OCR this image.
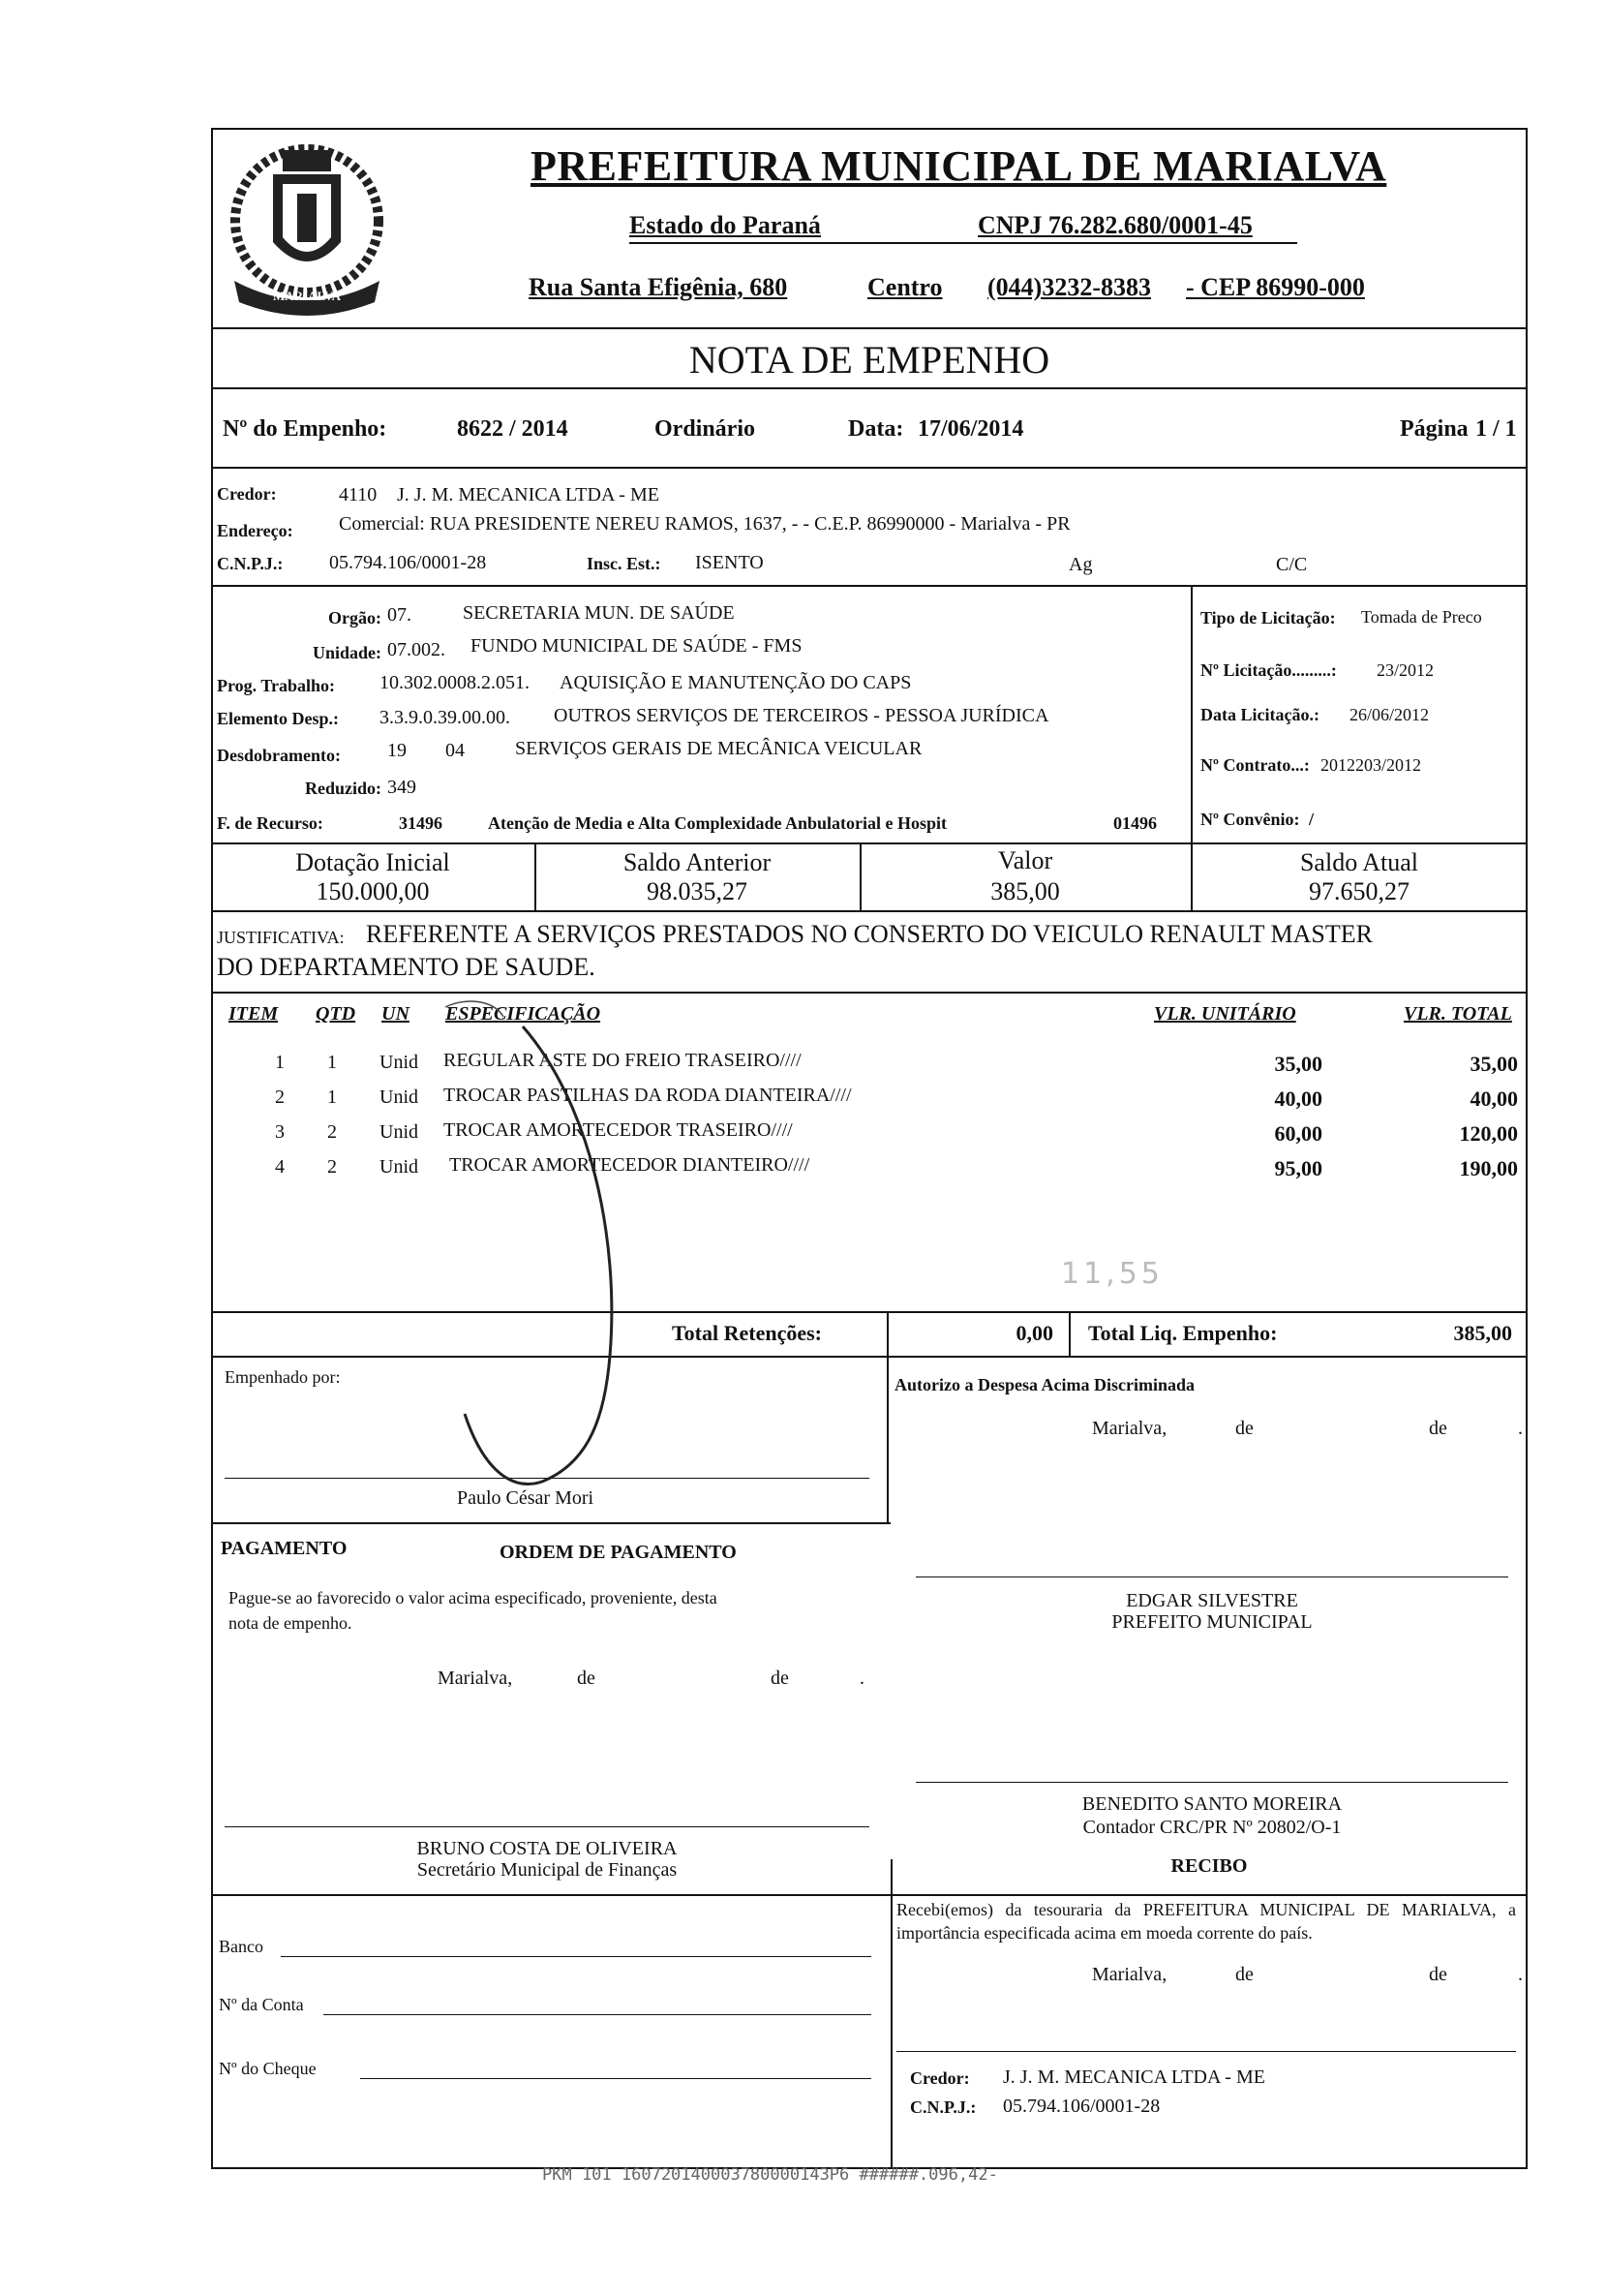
MARIALVA
PREFEITURA MUNICIPAL DE MARIALVA
Estado do Paraná	CNPJ 76.282.680/0001-45
Rua Santa Efigênia, 680	Centro (044)3232-8383 - CEP 86990-000
NOTA DE EMPENHO
Nº do Empenho:	8622 / 2014	Ordinário	Data: 17/06/2014	Página 1 / 1
Credor:	4110 J. J. M. MECANICA LTDA - ME
Endereço: Comercial: RUA PRESIDENTE NEREU RAMOS, 1637, - - C.E.P. 86990000 - Marialva - PR
C.N.P.J.: 05.794.106/0001-28	Insc. Est.: ISENTO	Ag	C/C
Orgão: 07.	SECRETARIA MUN. DE SAÚDE
Unidade: 07.002. FUNDO MUNICIPAL DE SAÚDE - FMS
Prog. Trabalho: 10.302.0008.2.051. AQUISIÇÃO E MANUTENÇÃO DO CAPS
Elemento Desp.: 3.3.9.0.39.00.00. OUTROS SERVIÇOS DE TERCEIROS - PESSOA JURÍDICA
Desdobramento: 19 04	SERVIÇOS GERAIS DE MECÂNICA VEICULAR
Reduzido: 349
F. de Recurso:	31496	Atenção de Media e Alta Complexidade Anbulatorial e Hospit	01496
Tipo de Licitação: Tomada de Preco
Nº Licitação.........: 23/2012
Data Licitação.: 26/06/2012
Nº Contrato...: 2012203/2012
Nº Convênio: /
Dotação Inicial
150.000,00
Saldo Anterior
98.035,27
Valor
385,00
Saldo Atual
97.650,27
JUSTIFICATIVA: REFERENTE A SERVIÇOS PRESTADOS NO CONSERTO DO VEICULO RENAULT MASTER
DO DEPARTAMENTO DE SAUDE.
ITEM QTD UN ESPECIFICAÇÃO	VLR. UNITÁRIO	VLR. TOTAL
1 1 Unid REGULAR ASTE DO FREIO TRASEIRO////	35,00	35,00
2 1 Unid TROCAR PASTILHAS DA RODA DIANTEIRA////	40,00	40,00
3 2 Unid TROCAR AMORTECEDOR TRASEIRO////	60,00	120,00
4 2 Unid TROCAR AMORTECEDOR DIANTEIRO////	95,00	190,00
11,55
Total Retenções:	0,00 Total Liq. Empenho:	385,00
Empenhado por:
Paulo César Mori
Autorizo a Despesa Acima Discriminada
Marialva,	de	de	.
PAGAMENTO	ORDEM DE PAGAMENTO
Pague-se ao favorecido o valor acima especificado, proveniente, desta
nota de empenho.
Marialva,	de	de	.
EDGAR SILVESTRE
PREFEITO MUNICIPAL
BENEDITO SANTO MOREIRA
Contador CRC/PR Nº 20802/O-1
BRUNO COSTA DE OLIVEIRA
Secretário Municipal de Finanças	RECIBO
Recebi(emos) da tesouraria da PREFEITURA MUNICIPAL DE MARIALVA, a importância especificada acima em moeda corrente do país.
Marialva,	de	de	.
Banco
Nº da Conta
Nº do Cheque	Credor: J. J. M. MECANICA LTDA - ME
C.N.P.J.: 05.794.106/0001-28
PKM 101 160720140003780000143P6 ######.096,42-
